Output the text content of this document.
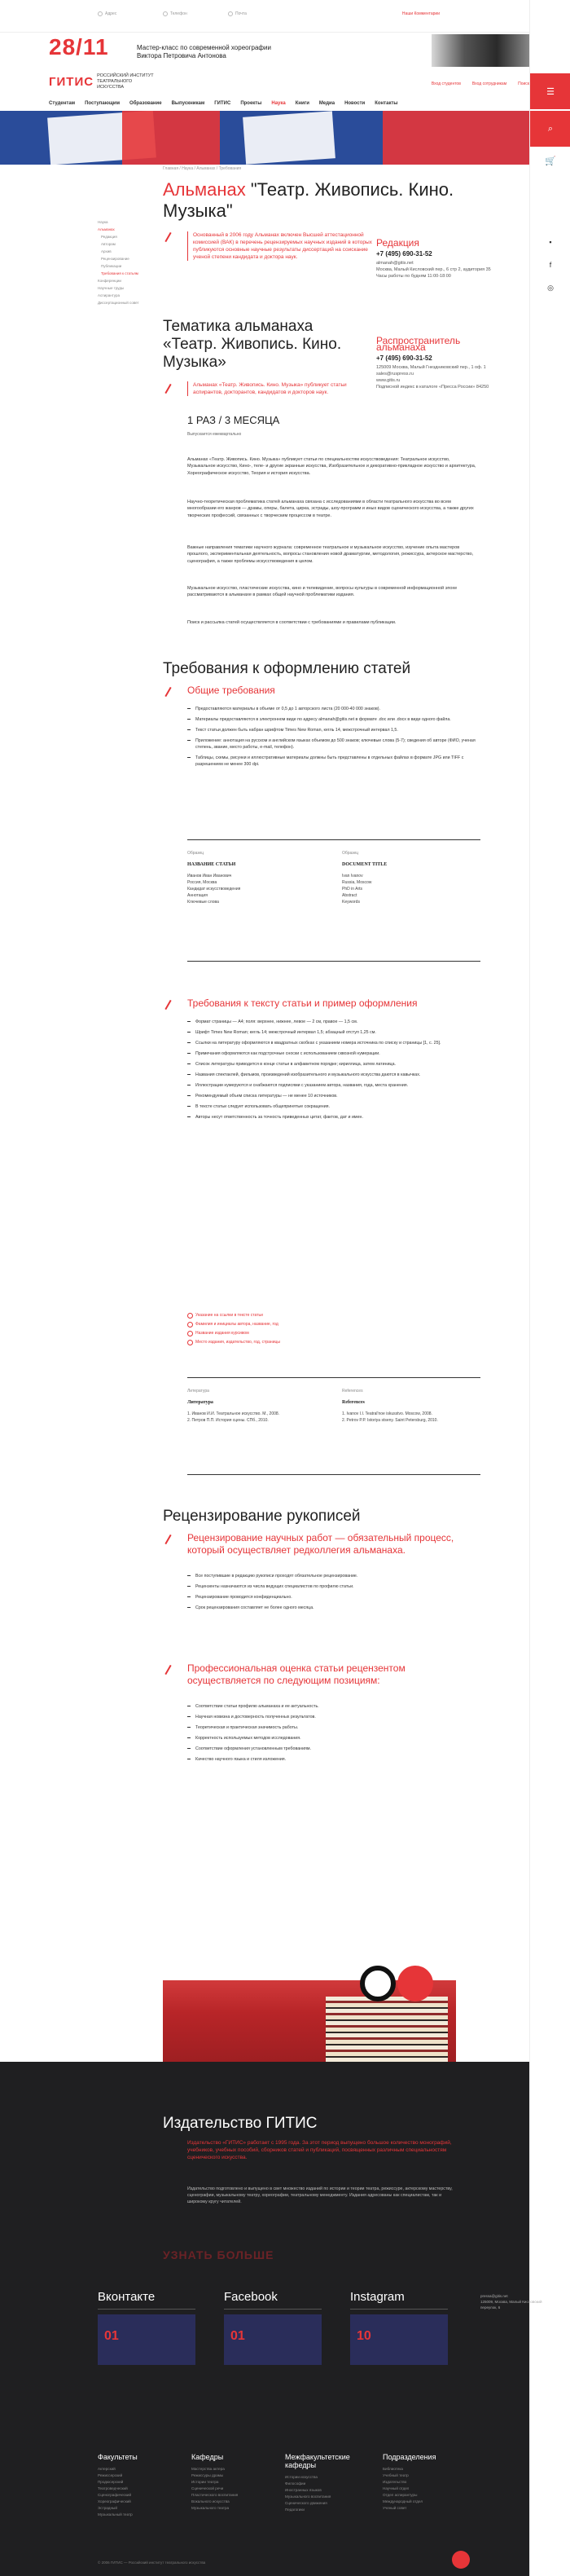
Адрес	Телефон	Почта	Наши Комментарии
28/11	Мастер-класс по современной хореографии Виктора Петровича Антонова
ГИТИС РОССИЙСКИЙ ИНСТИТУТ ТЕАТРАЛЬНОГО ИСКУССТВА
Вход студентов	Вход сотрудникам	Поиск
Студентам Поступающим Образование Выпускникам ГИТИС Проекты Наука Книги Медиа Новости Контакты
☰
⌕
🛒
▪
f
◎
Главная / Наука / Альманах / Требования
Альманах "Театр. Живопись. Кино. Музыка"
Наука
Альманах
Редакция
Авторам
Архив
Рецензирование
Публикации
Требования к статьям
Конференции
Научные труды
Аспирантура
Диссертационный совет
Основанный в 2006 году Альманах включен Высшей аттестационной комиссией (ВАК) в перечень рецензируемых научных изданий в которых публикуются основные научные результаты диссертаций на соискание ученой степени кандидата и доктора наук.
Редакция
+7 (495) 690-31-52
almanah@gitis.net
Москва, Малый Кисловский пер., 6 стр 2, аудитория 35
Часы работы по будням 11:00-18:00
Распространитель альманаха
+7 (495) 690-31-52
125009 Москва, Малый Гнездниковский пер., 1 оф. 1
sales@ruspress.ru
www.gitis.ru
Подписной индекс в каталоге «Пресса России» 84250
Тематика альманаха «Театр. Живопись. Кино. Музыка»
Альманах «Театр. Живопись. Кино. Музыка» публикует статьи аспирантов, докторантов, кандидатов и докторов наук.
1 РАЗ / 3 МЕСЯЦА
Выпускается ежеквартально
Альманах «Театр. Живопись. Кино. Музыка» публикует статьи по специальностям искусствоведения: Театральное искусство, Музыкальное искусство, Кино-, теле- и другие экранные искусства, Изобразительное и декоративно-прикладное искусство и архитектура, Хореографическое искусство, Теория и история искусства.
Научно-теоретическая проблематика статей альманаха связана с исследованиями в области театрального искусства во всем многообразии его жанров — драмы, оперы, балета, цирка, эстрады, шоу-программ и иных видов сценического искусства, а также других творческих профессий, связанных с творческим процессом в театре.
Важные направления тематики научного журнала: современное театральное и музыкальное искусство, изучение опыта мастеров прошлого, экспериментальная деятельность, вопросы становления новой драматургии, методология, режиссура, актерское мастерство, сценография, а также проблемы искусствоведения в целом.
Музыкальное искусство, пластические искусства, кино и телевидение, вопросы культуры в современной информационной эпохе рассматриваются в альманахе в рамках общей научной проблематики издания.
Поиск и рассылка статей осуществляется в соответствии с требованиями и правилами публикации.
Требования к оформлению статей
Общие требования
Предоставляются материалы в объеме от 0,5 до 1 авторского листа (20 000-40 000 знаков).
Материалы предоставляются в электронном виде по адресу almanah@gitis.net в формате .doc или .docx в виде одного файла.
Текст статьи должен быть набран шрифтом Times New Roman, кегль 14, межстрочный интервал 1,5.
Приложение: аннотация на русском и английском языках объемом до 500 знаков; ключевые слова (5-7); сведения об авторе (ФИО, ученая степень, звание, место работы, e-mail, телефон).
Таблицы, схемы, рисунки и иллюстративные материалы должны быть представлены в отдельных файлах в формате JPG или TIFF с разрешением не менее 300 dpi.
Образец
НАЗВАНИЕ СТАТЬИ
Иванов Иван Иванович
Россия, Москва
Кандидат искусствоведения
Аннотация
Ключевые слова
Образец
DOCUMENT TITLE
Ivan Ivanov
Russia, Moscow
PhD in Arts
Abstract
Keywords
Требования к тексту статьи и пример оформления
Формат страницы — А4; поля: верхнее, нижнее, левое — 2 см, правое — 1,5 см.
Шрифт Times New Roman; кегль 14; межстрочный интервал 1,5; абзацный отступ 1,25 см.
Ссылки на литературу оформляются в квадратных скобках с указанием номера источника по списку и страницы [1, с. 25].
Примечания оформляются как подстрочные сноски с использованием сквозной нумерации.
Список литературы приводится в конце статьи в алфавитном порядке; кириллица, затем латиница.
Названия спектаклей, фильмов, произведений изобразительного и музыкального искусства даются в кавычках.
Иллюстрации нумеруются и снабжаются подписями с указанием автора, названия, года, места хранения.
Рекомендуемый объем списка литературы — не менее 10 источников.
В тексте статьи следует использовать общепринятые сокращения.
Авторы несут ответственность за точность приведенных цитат, фактов, дат и имен.
Указание на ссылки в тексте статьи
Фамилия и инициалы автора, название, год
Название издания курсивом
Место издания, издательство, год, страницы
Литература
Литература
1. Иванов И.И. Театральное искусство. М., 2008.
2. Петров П.П. История сцены. СПб., 2010.
References
References
1. Ivanov I.I. Teatral'noe iskusstvo. Moscow, 2008.
2. Petrov P.P. Istoriya stseny. Saint Petersburg, 2010.
Рецензирование рукописей
Рецензирование научных работ — обязательный процесс, который осуществляет редколлегия альманаха.
Все поступившие в редакцию рукописи проходят обязательное рецензирование.
Рецензенты назначаются из числа ведущих специалистов по профилю статьи.
Рецензирование проводится конфиденциально.
Срок рецензирования составляет не более одного месяца.
Профессиональная оценка статьи рецензентом осуществляется по следующим позициям:
Соответствие статьи профилю альманаха и ее актуальность.
Научная новизна и достоверность полученных результатов.
Теоретическая и практическая значимость работы.
Корректность используемых методов исследования.
Соответствие оформления установленным требованиям.
Качество научного языка и стиля изложения.
Издательство ГИТИС
Издательство «ГИТИС» работает с 1995 года. За этот период выпущено большое количество монографий, учебников, учебных пособий, сборников статей и публикаций, посвященных различным специальностям сценического искусства.
Издательство подготовлено и выпущено в свет множество изданий по истории и теории театра, режиссуре, актерскому мастерству, сценографии, музыкальному театру, хореографии, театральному менеджменту. Издания адресованы как специалистам, так и широкому кругу читателей.
УЗНАТЬ БОЛЬШЕ
Вконтакте
01
Facebook
01
Instagram
10
pressa@gitis.net
125009, Москва, Малый Кисловский переулок, 6
Факультеты
Актерский
Режиссерский
Продюсерский
Театроведческий
Сценографический
Хореографический
Эстрадный
Музыкальный театр
Кафедры
Мастерства актера
Режиссуры драмы
Истории театра
Сценической речи
Пластического воспитания
Вокального искусства
Музыкального театра
Межфакультетские кафедры
Истории искусства
Философии
Иностранных языков
Музыкального воспитания
Сценического движения
Педагогики
Подразделения
Библиотека
Учебный театр
Издательство
Научный отдел
Отдел аспирантуры
Международный отдел
Ученый совет
© 2006 ГИТИС — Российский институт театрального искусства
